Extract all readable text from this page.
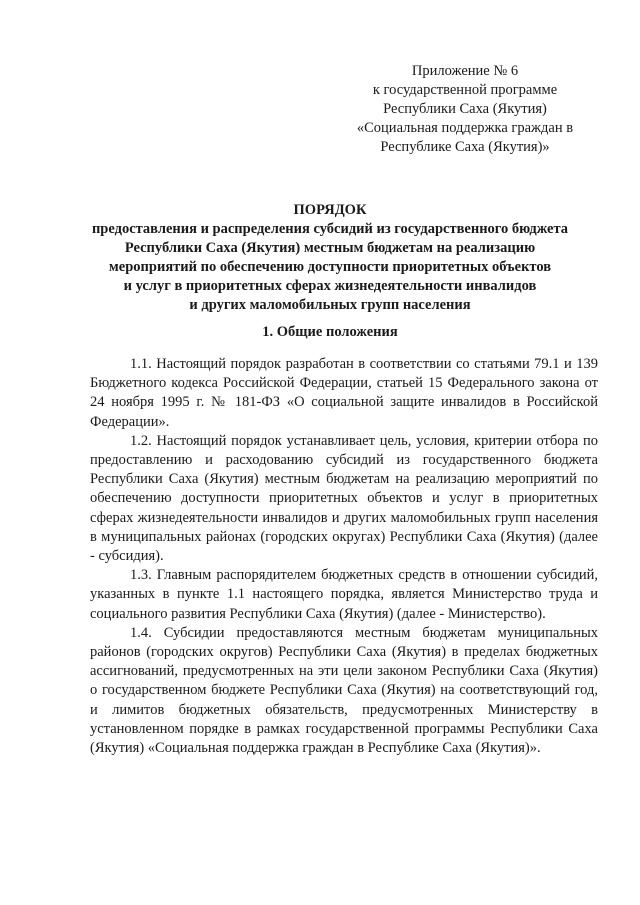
Приложение № 6
к государственной программе
Республики Саха (Якутия)
«Социальная поддержка граждан в
Республике Саха (Якутия)»
ПОРЯДОК
предоставления и распределения субсидий из государственного бюджета
Республики Саха (Якутия) местным бюджетам на реализацию
мероприятий по обеспечению доступности приоритетных объектов
и услуг в приоритетных сферах жизнедеятельности инвалидов
и других маломобильных групп населения
1. Общие положения

1.1. Настоящий порядок разработан в соответствии со статьями 79.1 и 139 Бюджетного кодекса Российской Федерации, статьей 15 Федерального закона от 24 ноября 1995 г. № 181-ФЗ «О социальной защите инвалидов в Российской Федерации».

1.2. Настоящий порядок устанавливает цель, условия, критерии отбора по предоставлению и расходованию субсидий из государственного бюджета Республики Саха (Якутия) местным бюджетам на реализацию мероприятий по обеспечению доступности приоритетных объектов и услуг в приоритетных сферах жизнедеятельности инвалидов и других маломобильных групп населения в муниципальных районах (городских округах) Республики Саха (Якутия) (далее - субсидия).

1.3. Главным распорядителем бюджетных средств в отношении субсидий, указанных в пункте 1.1 настоящего порядка, является Министерство труда и социального развития Республики Саха (Якутия) (далее - Министерство).

1.4. Субсидии предоставляются местным бюджетам муниципальных районов (городских округов) Республики Саха (Якутия) в пределах бюджетных ассигнований, предусмотренных на эти цели законом Республики Саха (Якутия) о государственном бюджете Республики Саха (Якутия) на соответствующий год, и лимитов бюджетных обязательств, предусмотренных Министерству в установленном порядке в рамках государственной программы Республики Саха (Якутия) «Социальная поддержка граждан в Республике Саха (Якутия)».
